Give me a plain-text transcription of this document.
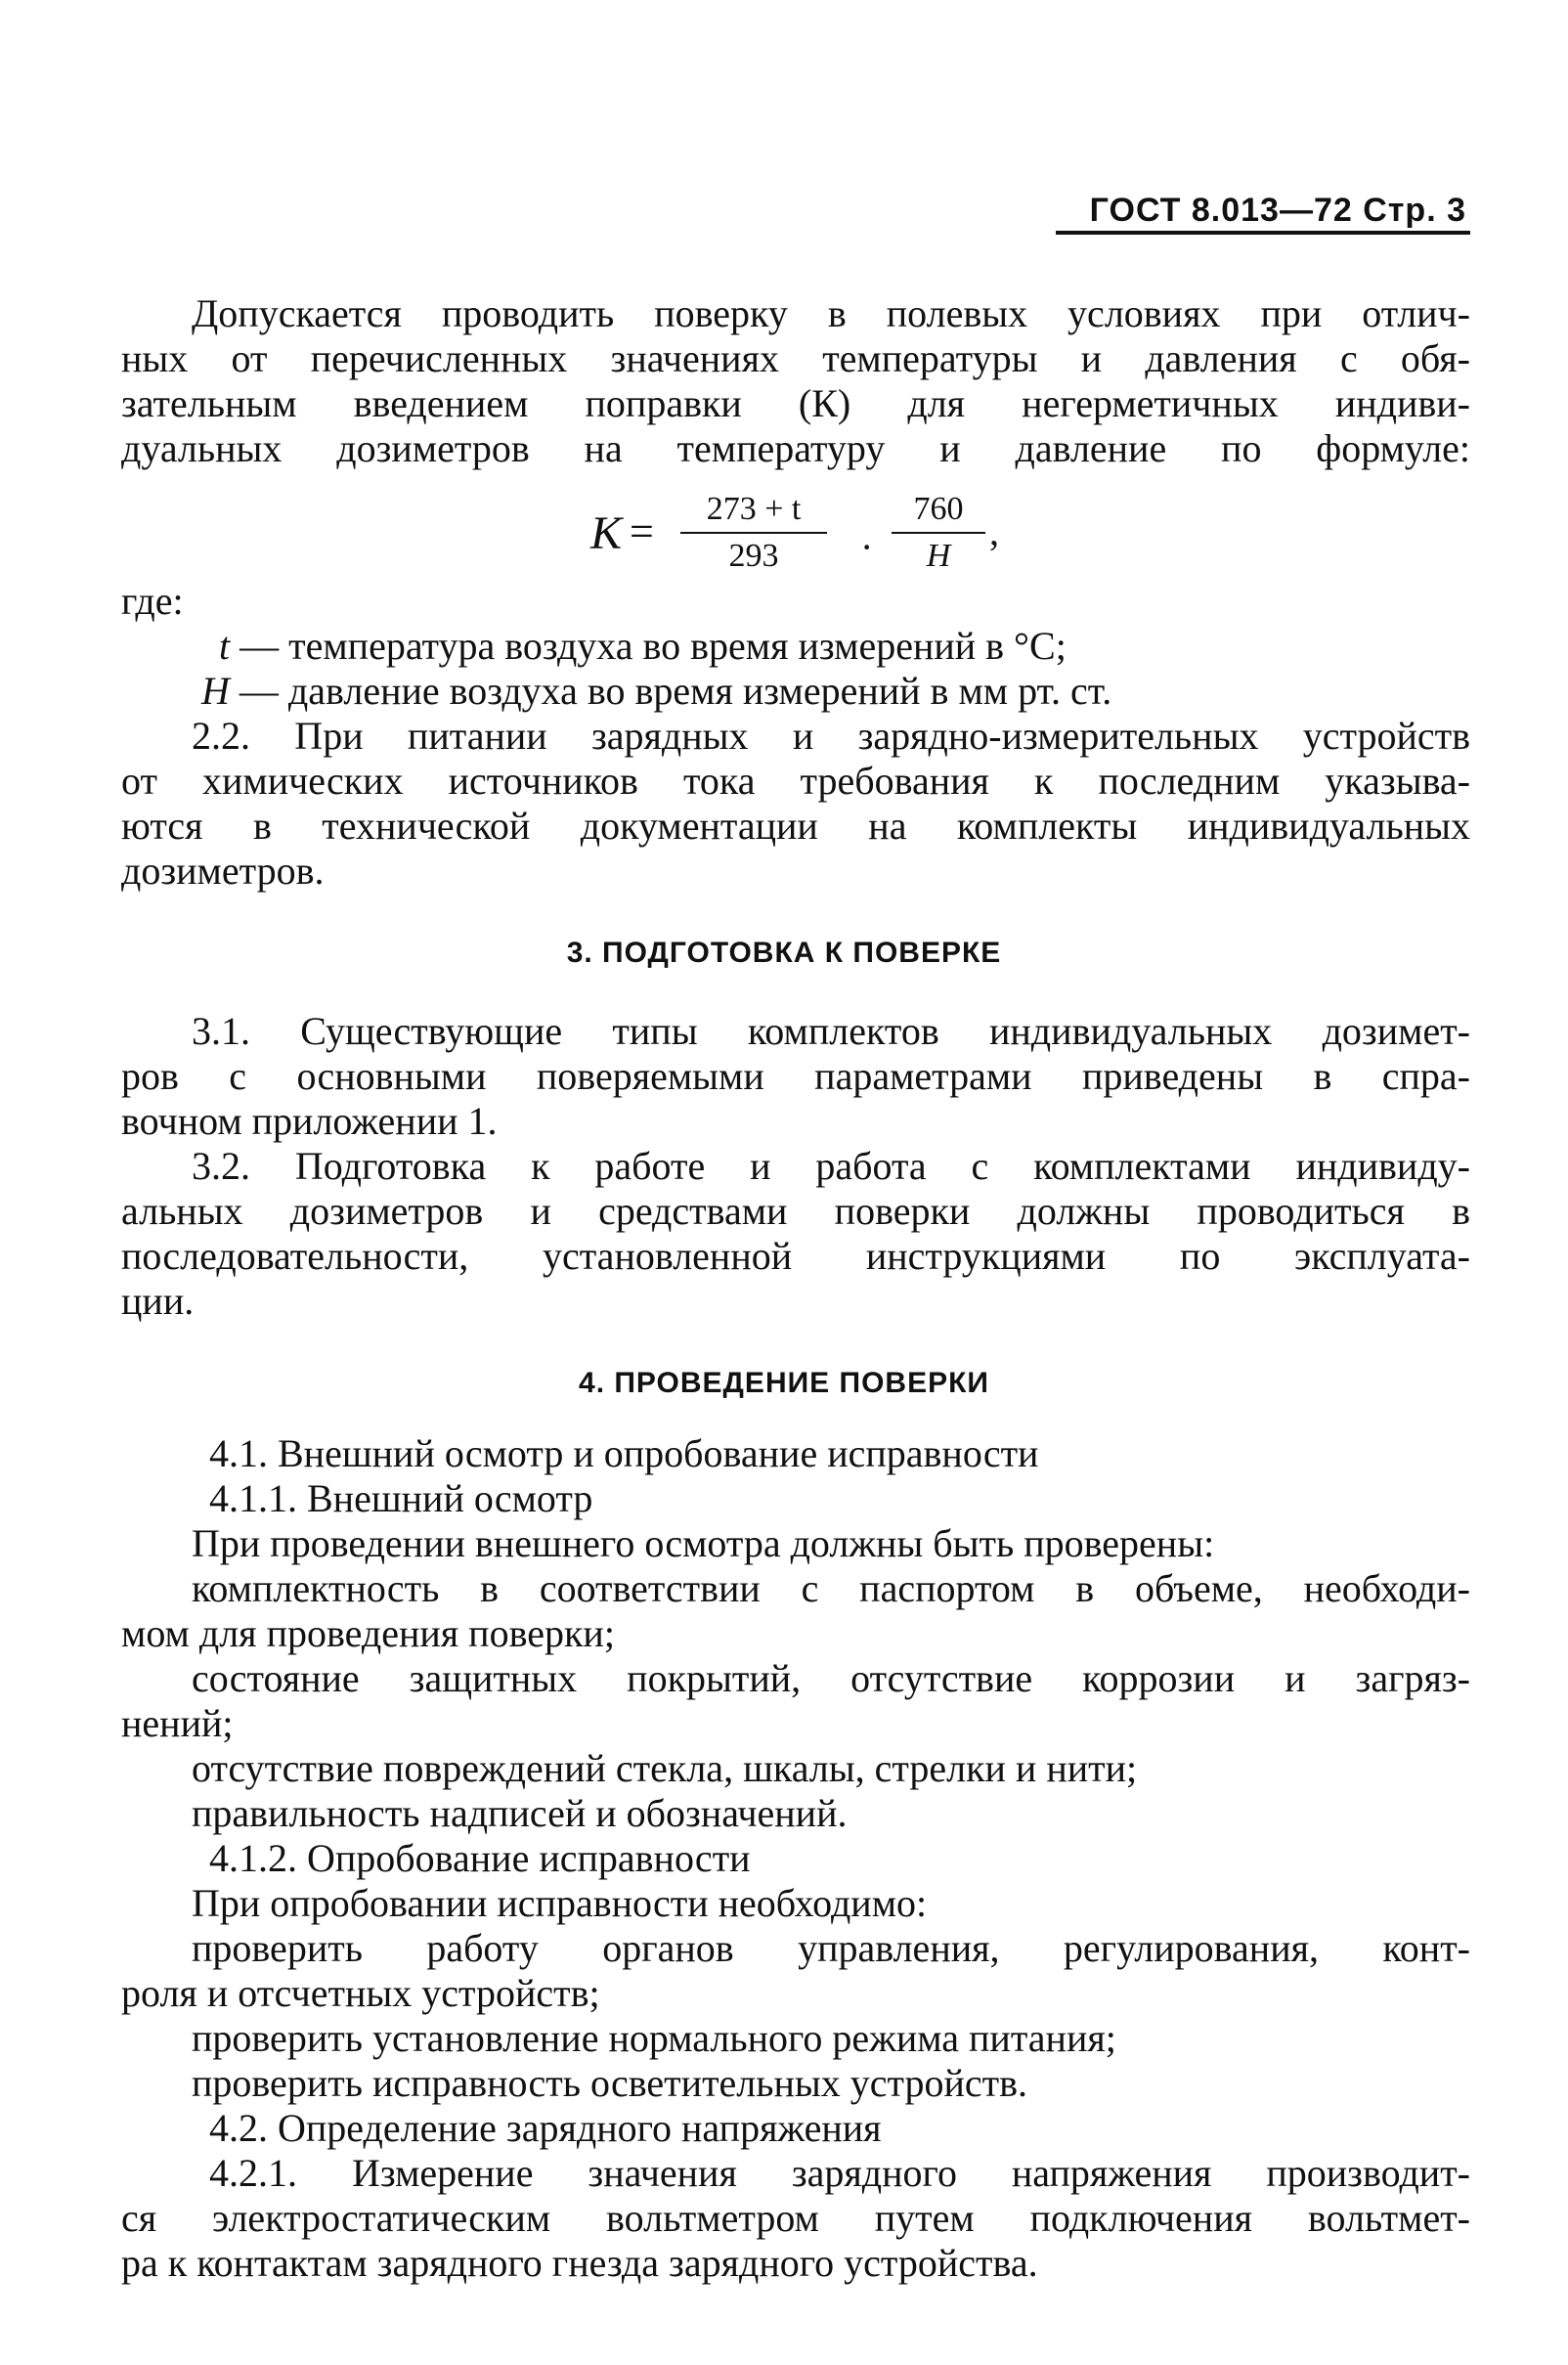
ГОСТ 8.013—72 Стр. 3
Допускается проводить поверку в полевых условиях при отлич-
ных от перечисленных значениях температуры и давления с обя-
зательным введением поправки (К) для негерметичных индиви-
дуальных дозиметров на температуру и давление по формуле:
K =	273 + t
293	·
760
H
,
где:
t — температура воздуха во время измерений в °С;
H — давление воздуха во время измерений в мм рт. ст.
2.2. При питании зарядных и зарядно-измерительных устройств
от химических источников тока требования к последним указыва-
ются в технической документации на комплекты индивидуальных
дозиметров.
3. ПОДГОТОВКА К ПОВЕРКЕ
3.1. Существующие типы комплектов индивидуальных дозимет-
ров с основными поверяемыми параметрами приведены в спра-
вочном приложении 1.
3.2. Подготовка к работе и работа с комплектами индивиду-
альных дозиметров и средствами поверки должны проводиться в
последовательности, установленной инструкциями по эксплуата-
ции.
4. ПРОВЕДЕНИЕ ПОВЕРКИ
4.1. Внешний осмотр и опробование исправности
4.1.1. Внешний осмотр
При проведении внешнего осмотра должны быть проверены:
комплектность в соответствии с паспортом в объеме, необходи-
мом для проведения поверки;
состояние защитных покрытий, отсутствие коррозии и загряз-
нений;
отсутствие повреждений стекла, шкалы, стрелки и нити;
правильность надписей и обозначений.
4.1.2. Опробование исправности
При опробовании исправности необходимо:
проверить работу органов управления, регулирования, конт-
роля и отсчетных устройств;
проверить установление нормального режима питания;
проверить исправность осветительных устройств.
4.2. Определение зарядного напряжения
4.2.1. Измерение значения зарядного напряжения производит-
ся электростатическим вольтметром путем подключения вольтмет-
ра к контактам зарядного гнезда зарядного устройства.
